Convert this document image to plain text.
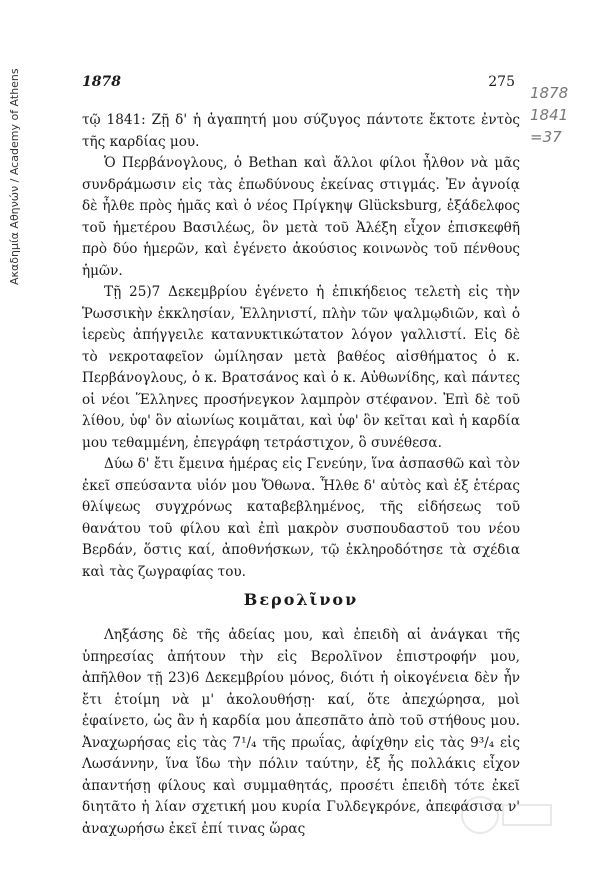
Ακαδημία Αθηνών / Academy of Athens	1878	275
1878
1841
=37

τῷ 1841: Ζῇ δ' ἡ ἀγαπητή μου σύζυγος πάντοτε ἔκτοτε ἐντὸς τῆς καρδίας μου.

Ὁ Περβάνογλους, ὁ Bethan καὶ ἄλλοι φίλοι ἦλθον νὰ μᾶς συνδράμωσιν εἰς τὰς ἐπωδύνους ἐκείνας στιγμάς. Ἐν ἀγνοίᾳ δὲ ἦλθε πρὸς ἡμᾶς καὶ ὁ νέος Πρίγκηψ Glücksburg, ἐξάδελφος τοῦ ἡμετέρου Βασιλέως, ὃν μετὰ τοῦ Ἀλέξη εἶχον ἐπισκεφθῆ πρὸ δύο ἡμερῶν, καὶ ἐγένετο ἀκούσιος κοινωνὸς τοῦ πένθους ἡμῶν.

Τῇ 25)7 Δεκεμβρίου ἐγένετο ἡ ἐπικήδειος τελετὴ εἰς τὴν Ῥωσσικὴν ἐκκλησίαν, Ἑλληνιστί, πλὴν τῶν ψαλμῳδιῶν, καὶ ὁ ἱερεὺς ἀπήγγειλε κατανυκτικώτατον λόγον γαλλιστί. Εἰς δὲ τὸ νεκροταφεῖον ὡμίλησαν μετὰ βαθέος αἰσθήματος ὁ κ. Περβάνογλους, ὁ κ. Βρατσάνος καὶ ὁ κ. Αὐθωνίδης, καὶ πάντες οἱ νέοι Ἕλληνες προσήνεγκον λαμπρὸν στέφανον. Ἐπὶ δὲ τοῦ λίθου, ὑφ' ὃν αἰωνίως κοιμᾶται, καὶ ὑφ' ὃν κεῖται καὶ ἡ καρδία μου τεθαμμένη, ἐπεγράφη τετράστιχον, ὃ συνέθεσα.

Δύω δ' ἔτι ἔμεινα ἡμέρας εἰς Γενεύην, ἵνα ἀσπασθῶ καὶ τὸν ἐκεῖ σπεύσαντα υἱόν μου Ὄθωνα. Ἦλθε δ' αὐτὸς καὶ ἐξ ἑτέρας θλίψεως συγχρόνως καταβεβλημένος, τῆς εἰδήσεως τοῦ θανάτου τοῦ φίλου καὶ ἐπὶ μακρὸν συσπουδαστοῦ του νέου Βερδάν, ὅστις καί, ἀποθνήσκων, τῷ ἐκληροδότησε τὰ σχέδια καὶ τὰς ζωγραφίας του.

Βερολῖνον

Ληξάσης δὲ τῆς ἀδείας μου, καὶ ἐπειδὴ αἱ ἀνάγκαι τῆς ὑπηρεσίας ἀπήτουν τὴν εἰς Βερολῖνον ἐπιστροφήν μου, ἀπῆλθον τῇ 23)6 Δεκεμβρίου μόνος, διότι ἡ οἰκογένεια δὲν ἦν ἔτι ἑτοίμη νὰ μ' ἀκολουθήσῃ· καί, ὅτε ἀπεχώρησα, μοὶ ἐφαίνετο, ὡς ἂν ἡ καρδία μου ἀπεσπᾶτο ἀπὸ τοῦ στήθους μου. Ἀναχωρήσας εἰς τὰς 7¹/₄ τῆς πρωΐας, ἀφίχθην εἰς τὰς 9³/₄ εἰς Λωσάννην, ἵνα ἴδω τὴν πόλιν ταύτην, ἐξ ἧς πολλάκις εἶχον ἀπαντήσῃ φίλους καὶ συμμαθητάς, προσέτι ἐπειδὴ τότε ἐκεῖ διητᾶτο ἡ λίαν σχετική μου κυρία Γυλδεγκρόνε, ἀπεφάσισα ν' ἀναχωρήσω ἐκεῖ ἐπί τινας ὥρας
